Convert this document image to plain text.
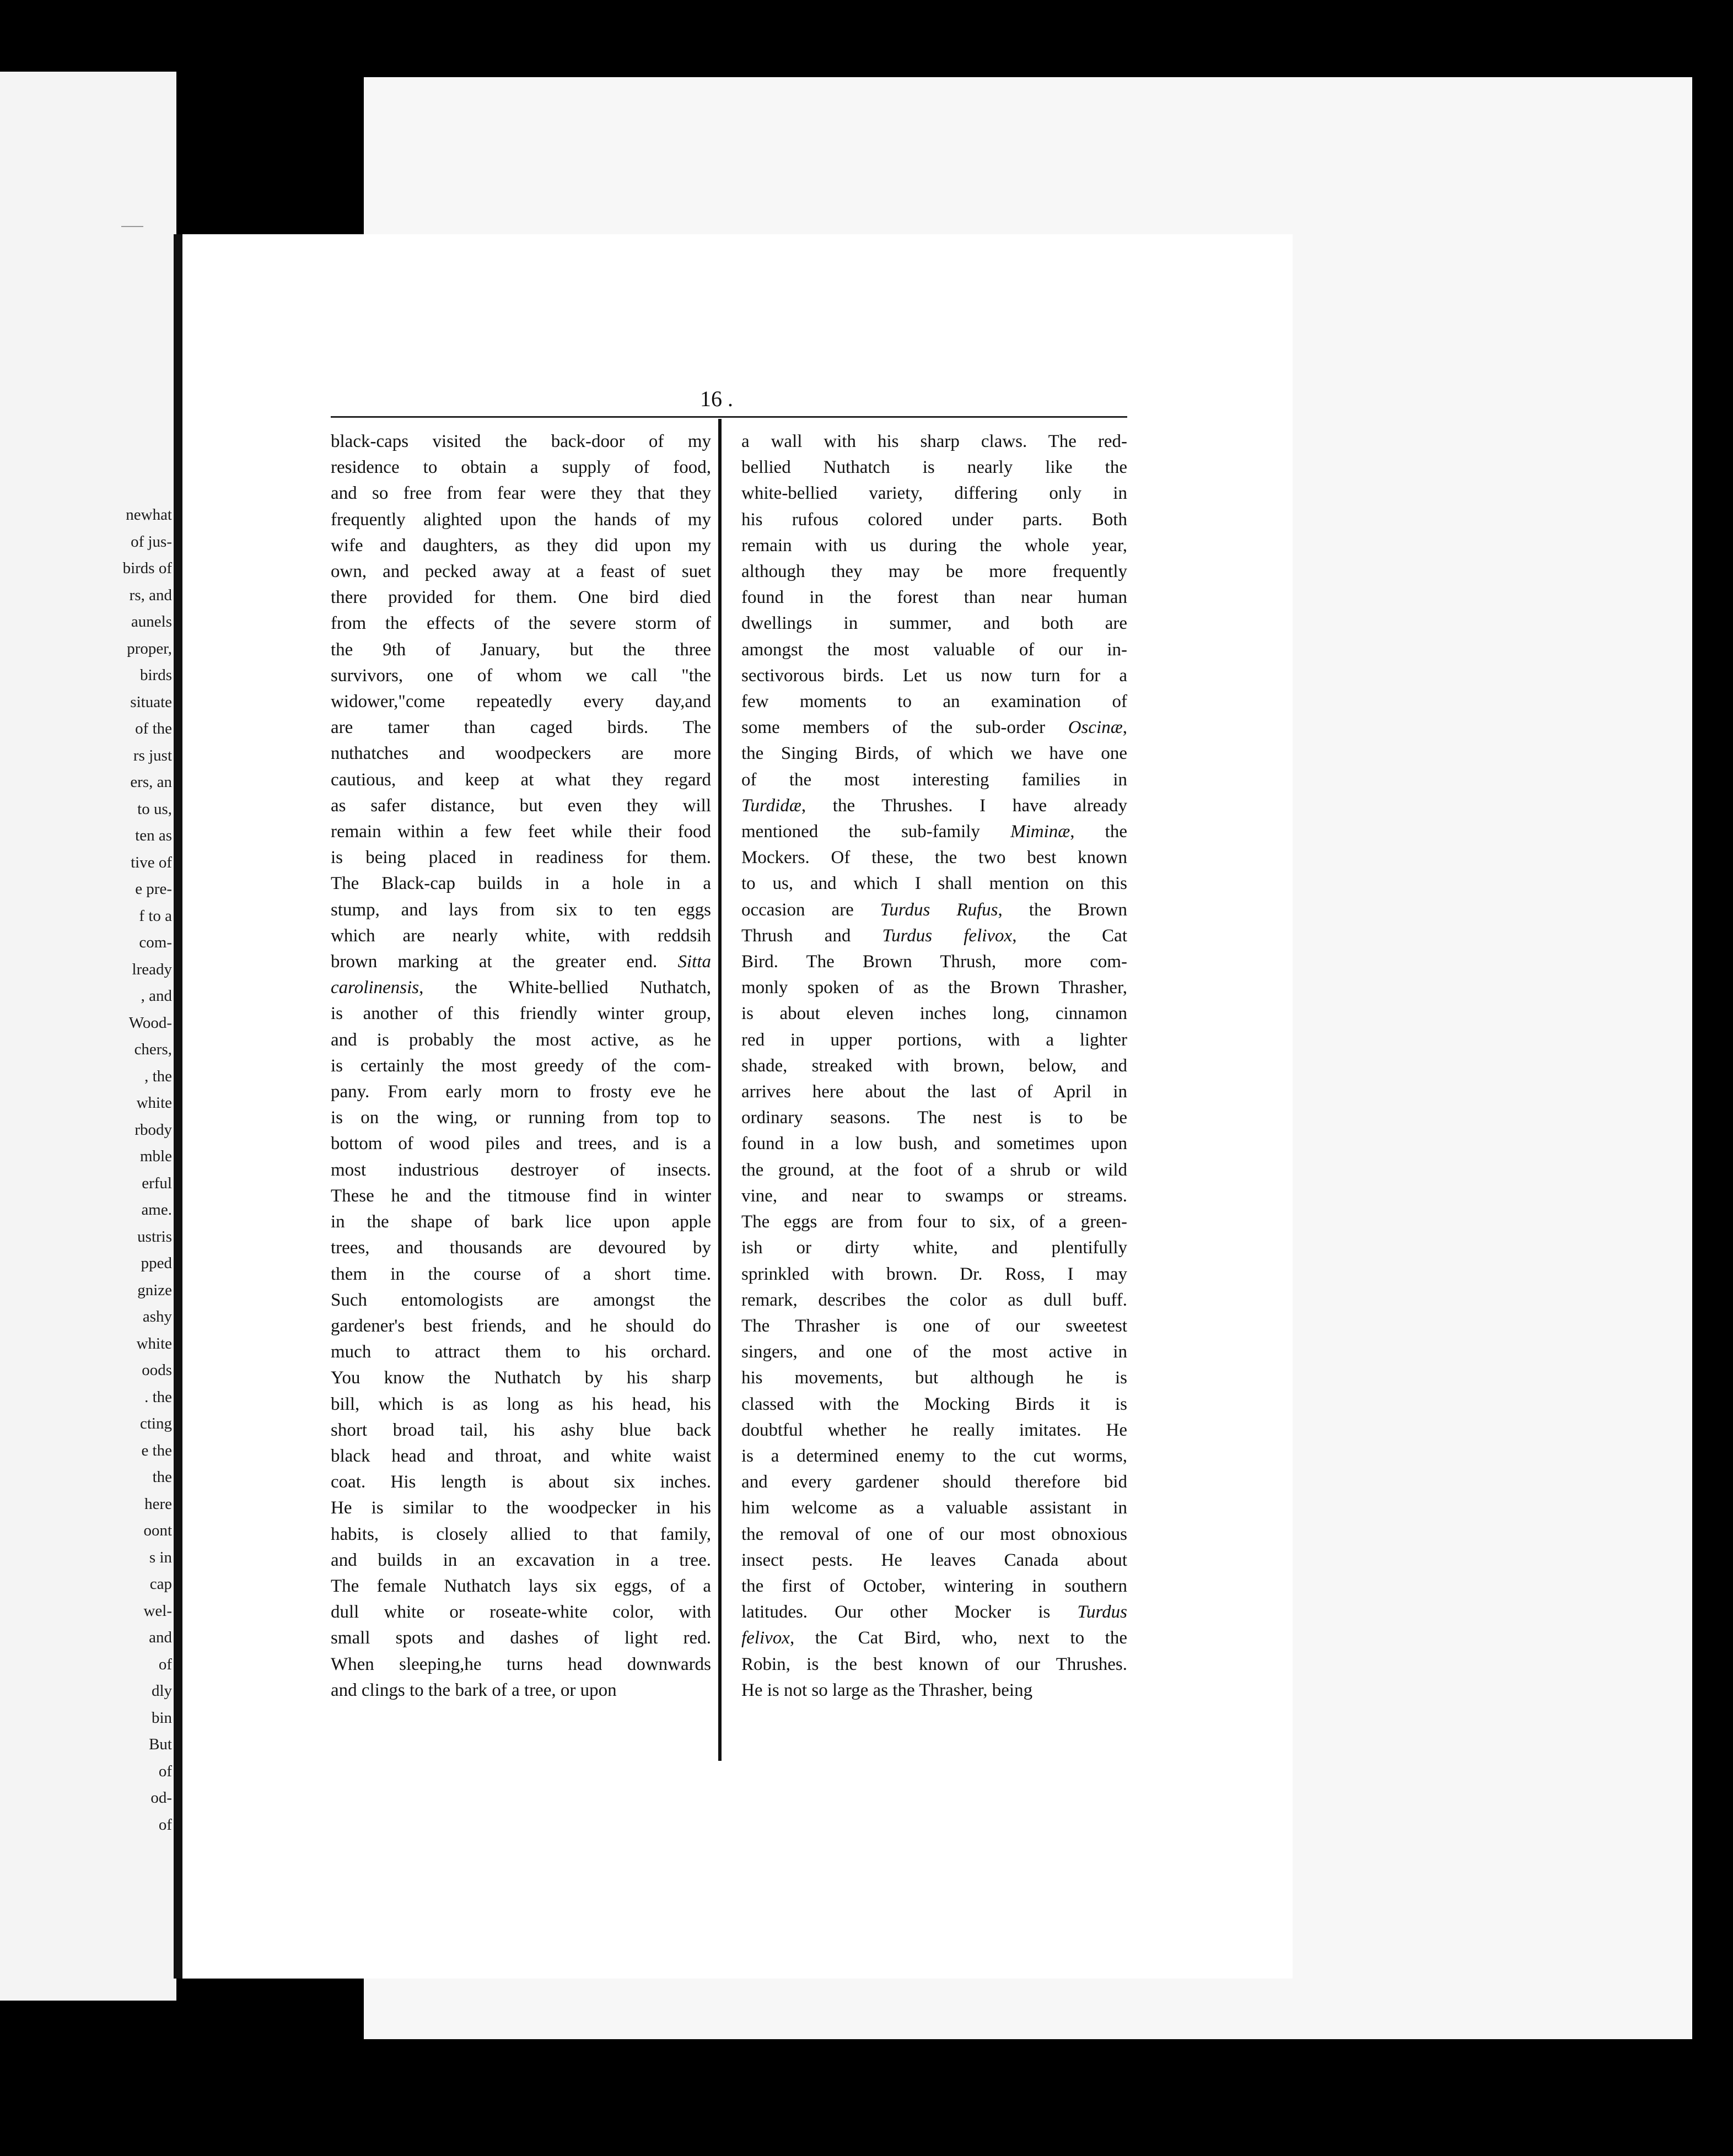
newhat
of jus-
birds of
rs, and
aunels
proper,
birds
situate
of the
rs just
ers, an
to us,
ten as
tive of
e pre-
f to a
com-
lready
, and
Wood-
chers,
, the
white
rbody
mble
erful
ame.
ustris
pped
gnize
ashy
white
oods
. the
cting
e the
the
here
oont
s in
cap
wel-
and
of
dly
bin
But
of
od-
of
16 .
black-caps visited the back-door of my
residence to obtain a supply of food,
and so free from fear were they that they
frequently alighted upon the hands of my
wife and daughters, as they did upon my
own, and pecked away at a feast of suet
there provided for them. One bird died
from the effects of the severe storm of
the 9th of January, but the three
survivors, one of whom we call "the
widower,"come repeatedly every day,and
are tamer than caged birds. The
nuthatches and woodpeckers are more
cautious, and keep at what they regard
as safer distance, but even they will
remain within a few feet while their food
is being placed in readiness for them.
The Black-cap builds in a hole in a
stump, and lays from six to ten eggs
which are nearly white, with reddsih
brown marking at the greater end. Sitta
carolinensis, the White-bellied Nuthatch,
is another of this friendly winter group,
and is probably the most active, as he
is certainly the most greedy of the com-
pany. From early morn to frosty eve he
is on the wing, or running from top to
bottom of wood piles and trees, and is a
most industrious destroyer of insects.
These he and the titmouse find in winter
in the shape of bark lice upon apple
trees, and thousands are devoured by
them in the course of a short time.
Such entomologists are amongst the
gardener's best friends, and he should do
much to attract them to his orchard.
You know the Nuthatch by his sharp
bill, which is as long as his head, his
short broad tail, his ashy blue back
black head and throat, and white waist
coat. His length is about six inches.
He is similar to the woodpecker in his
habits, is closely allied to that family,
and builds in an excavation in a tree.
The female Nuthatch lays six eggs, of a
dull white or roseate-white color, with
small spots and dashes of light red.
When sleeping,he turns head downwards
and clings to the bark of a tree, or upon
a wall with his sharp claws. The red-
bellied Nuthatch is nearly like the
white-bellied variety, differing only in
his rufous colored under parts. Both
remain with us during the whole year,
although they may be more frequently
found in the forest than near human
dwellings in summer, and both are
amongst the most valuable of our in-
sectivorous birds. Let us now turn for a
few moments to an examination of
some members of the sub-order Oscinæ,
the Singing Birds, of which we have one
of the most interesting families in
Turdidæ, the Thrushes. I have already
mentioned the sub-family Miminæ, the
Mockers. Of these, the two best known
to us, and which I shall mention on this
occasion are Turdus Rufus, the Brown
Thrush and Turdus felivox, the Cat
Bird. The Brown Thrush, more com-
monly spoken of as the Brown Thrasher,
is about eleven inches long, cinnamon
red in upper portions, with a lighter
shade, streaked with brown, below, and
arrives here about the last of April in
ordinary seasons. The nest is to be
found in a low bush, and sometimes upon
the ground, at the foot of a shrub or wild
vine, and near to swamps or streams.
The eggs are from four to six, of a green-
ish or dirty white, and plentifully
sprinkled with brown. Dr. Ross, I may
remark, describes the color as dull buff.
The Thrasher is one of our sweetest
singers, and one of the most active in
his movements, but although he is
classed with the Mocking Birds it is
doubtful whether he really imitates. He
is a determined enemy to the cut worms,
and every gardener should therefore bid
him welcome as a valuable assistant in
the removal of one of our most obnoxious
insect pests. He leaves Canada about
the first of October, wintering in southern
latitudes. Our other Mocker is Turdus
felivox, the Cat Bird, who, next to the
Robin, is the best known of our Thrushes.
He is not so large as the Thrasher, being
